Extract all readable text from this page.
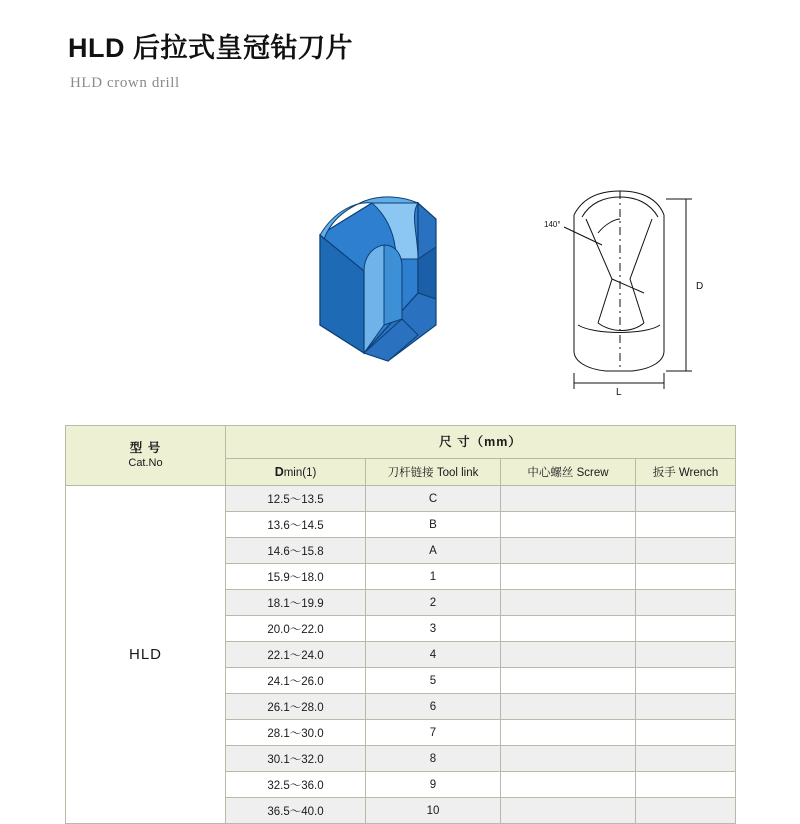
HLD 后拉式皇冠钻刀片
HLD crown drill
140°
D
L
型 号
Cat.No	尺 寸（mm）			
	Dmin(1)	刀杆链接 Tool link	中心螺丝 Screw	扳手 Wrench
HLD	12.5～13.5	C		
	13.6～14.5	B		
	14.6～15.8	A		
	15.9～18.0	1		
	18.1～19.9	2		
	20.0～22.0	3		
	22.1～24.0	4		
	24.1～26.0	5		
	26.1～28.0	6		
	28.1～30.0	7		
	30.1～32.0	8		
	32.5～36.0	9		
	36.5～40.0	10		
